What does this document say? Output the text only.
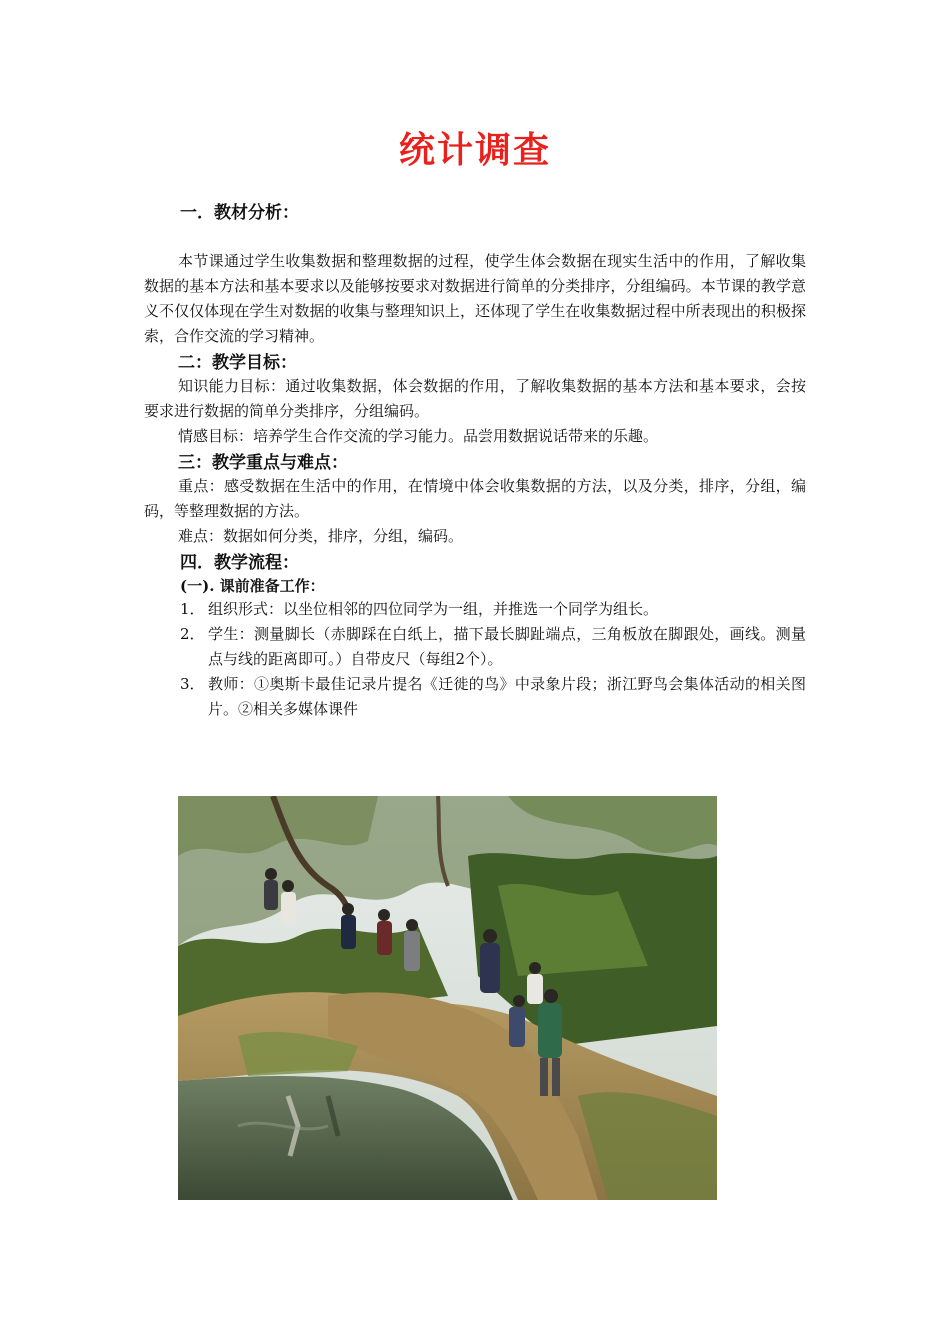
统计调查
一．教材分析：
本节课通过学生收集数据和整理数据的过程，使学生体会数据在现实生活中的作用，了解收集数据的基本方法和基本要求以及能够按要求对数据进行简单的分类排序，分组编码。本节课的教学意义不仅仅体现在学生对数据的收集与整理知识上，还体现了学生在收集数据过程中所表现出的积极探索，合作交流的学习精神。
二：教学目标：
知识能力目标：通过收集数据，体会数据的作用，了解收集数据的基本方法和基本要求，会按要求进行数据的简单分类排序，分组编码。
情感目标：培养学生合作交流的学习能力。品尝用数据说话带来的乐趣。
三：教学重点与难点：
重点：感受数据在生活中的作用，在情境中体会收集数据的方法，以及分类，排序，分组，编码，等整理数据的方法。
难点：数据如何分类，排序，分组，编码。
四．教学流程：
(一). 课前准备工作：
1． 组织形式：以坐位相邻的四位同学为一组，并推选一个同学为组长。
2． 学生：测量脚长（赤脚踩在白纸上，描下最长脚趾端点，三角板放在脚跟处，画线。测量点与线的距离即可。）自带皮尺（每组2个）。
3． 教师：①奥斯卡最佳记录片提名《迁徙的鸟》中录象片段；浙江野鸟会集体活动的相关图片。②相关多媒体课件
